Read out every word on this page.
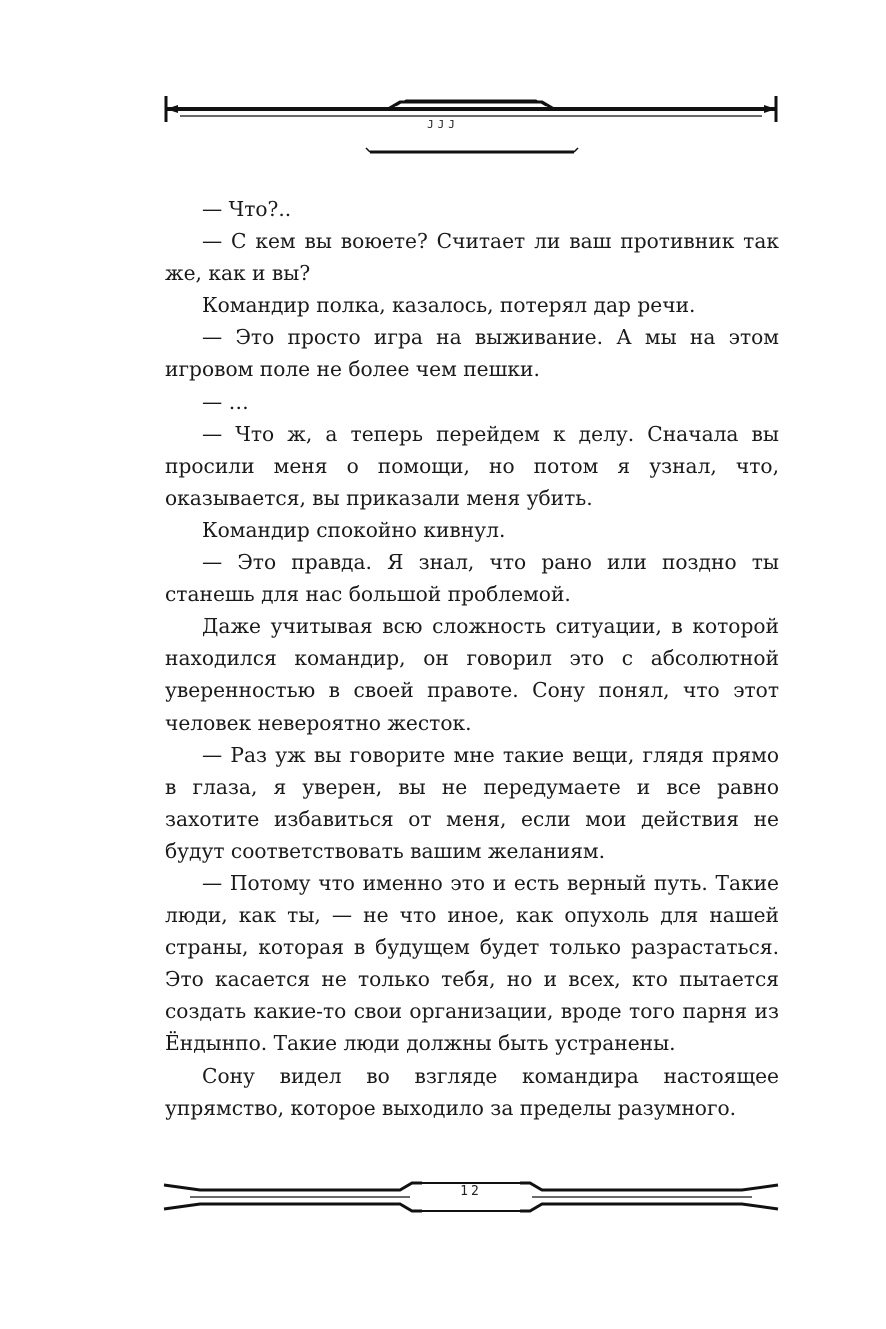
JJJ

— Что?..

— С кем вы воюете? Считает ли ваш противник так же, как и вы?

Командир полка, казалось, потерял дар речи.

— Это просто игра на выживание. А мы на этом игровом поле не более чем пешки.

— …

— Что ж, а теперь перейдем к делу. Сначала вы просили меня о помощи, но потом я узнал, что, оказывается, вы приказали меня убить.

Командир спокойно кивнул.

— Это правда. Я знал, что рано или поздно ты станешь для нас большой проблемой.

Даже учитывая всю сложность ситуации, в которой находился командир, он говорил это с абсолютной уверенностью в своей правоте. Сону понял, что этот человек невероятно жесток.

— Раз уж вы говорите мне такие вещи, глядя прямо в глаза, я уверен, вы не передумаете и все равно захотите избавиться от меня, если мои действия не будут соответствовать вашим желаниям.

— Потому что именно это и есть верный путь. Такие люди, как ты, — не что иное, как опухоль для нашей страны, которая в будущем будет только разрастаться. Это касается не только тебя, но и всех, кто пытается создать какие-то свои организации, вроде того парня из Ёндынпо. Такие люди должны быть устранены.

Сону видел во взгляде командира настоящее упрямство, которое выходило за пределы разумного.

12
